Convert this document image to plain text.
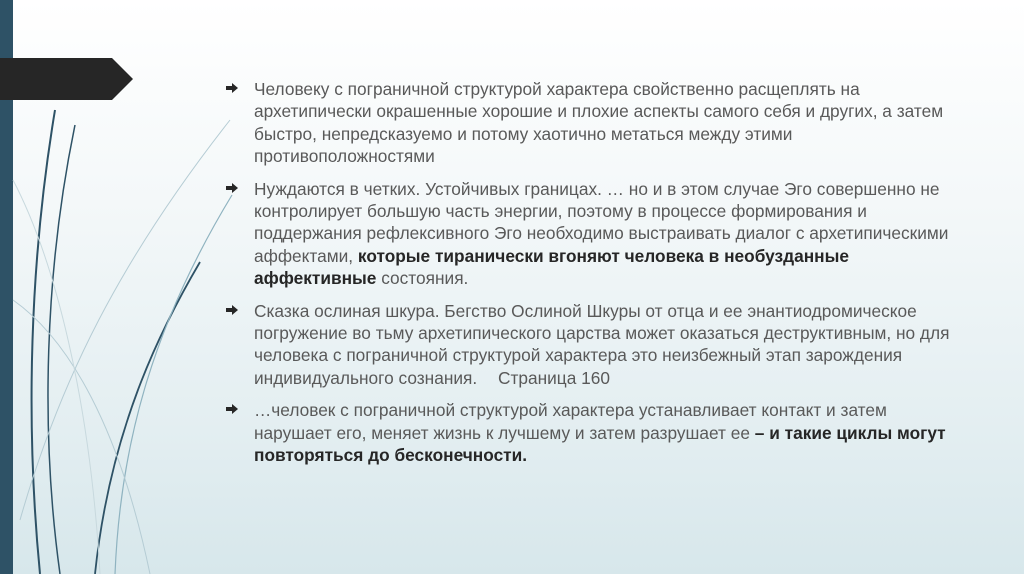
Человеку с пограничной структурой характера свойственно расщеплять на архетипически окрашенные хорошие и плохие аспекты самого себя и других, а затем быстро, непредсказуемо и потому хаотично метаться между этими противоположностями
Нуждаются в четких. Устойчивых границах. … но и в этом случае Эго совершенно не контролирует большую часть энергии, поэтому в процессе формирования и поддержания рефлексивного Эго необходимо выстраивать диалог с архетипическими аффектами, которые тиранически вгоняют человека в необузданные аффективные состояния.
Сказка ослиная шкура. Бегство Ослиной Шкуры от отца и ее энантиодромическое погружение во тьму архетипического царства может оказаться деструктивным, но для человека с пограничной структурой характера это неизбежный этап зарождения индивидуального сознания. Страница 160
…человек с пограничной структурой характера устанавливает контакт и затем нарушает его, меняет жизнь к лучшему и затем разрушает ее – и такие циклы могут повторяться до бесконечности.
